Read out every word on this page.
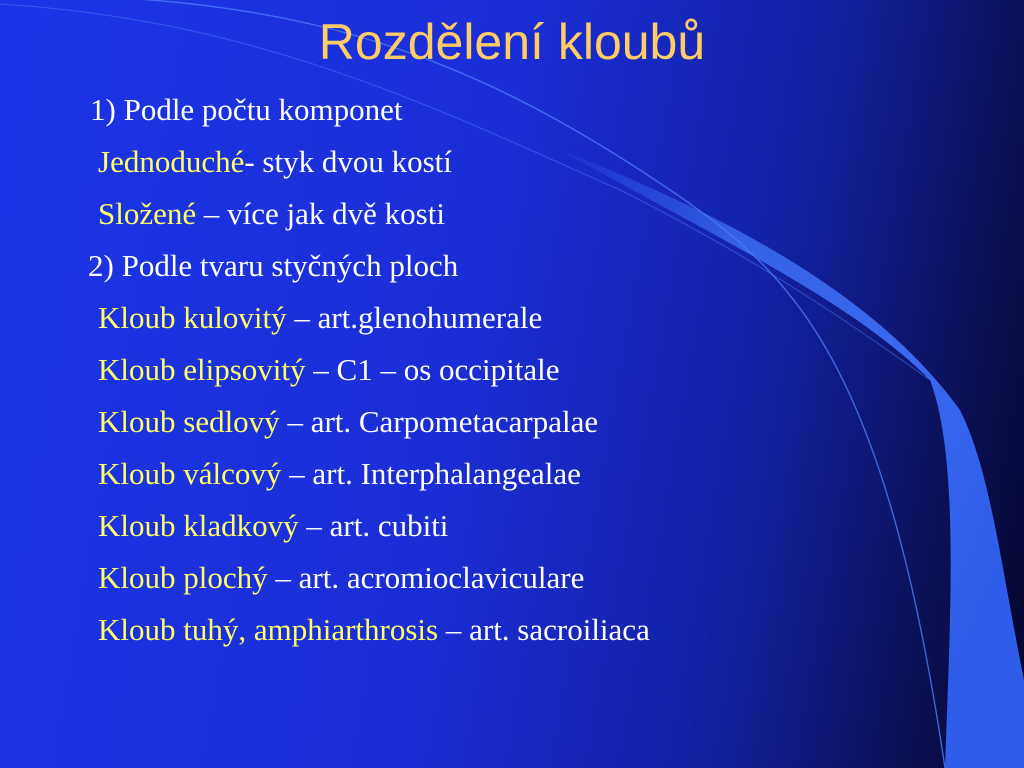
Rozdělení kloubů
1) Podle počtu komponet
Jednoduché- styk dvou kostí
Složené – více jak dvě kosti
2) Podle tvaru styčných ploch
Kloub kulovitý – art.glenohumerale
Kloub elipsovitý – C1 – os occipitale
Kloub sedlový – art. Carpometacarpalae
Kloub válcový – art. Interphalangealae
Kloub kladkový – art. cubiti
Kloub plochý – art. acromioclaviculare
Kloub tuhý, amphiarthrosis – art. sacroiliaca
